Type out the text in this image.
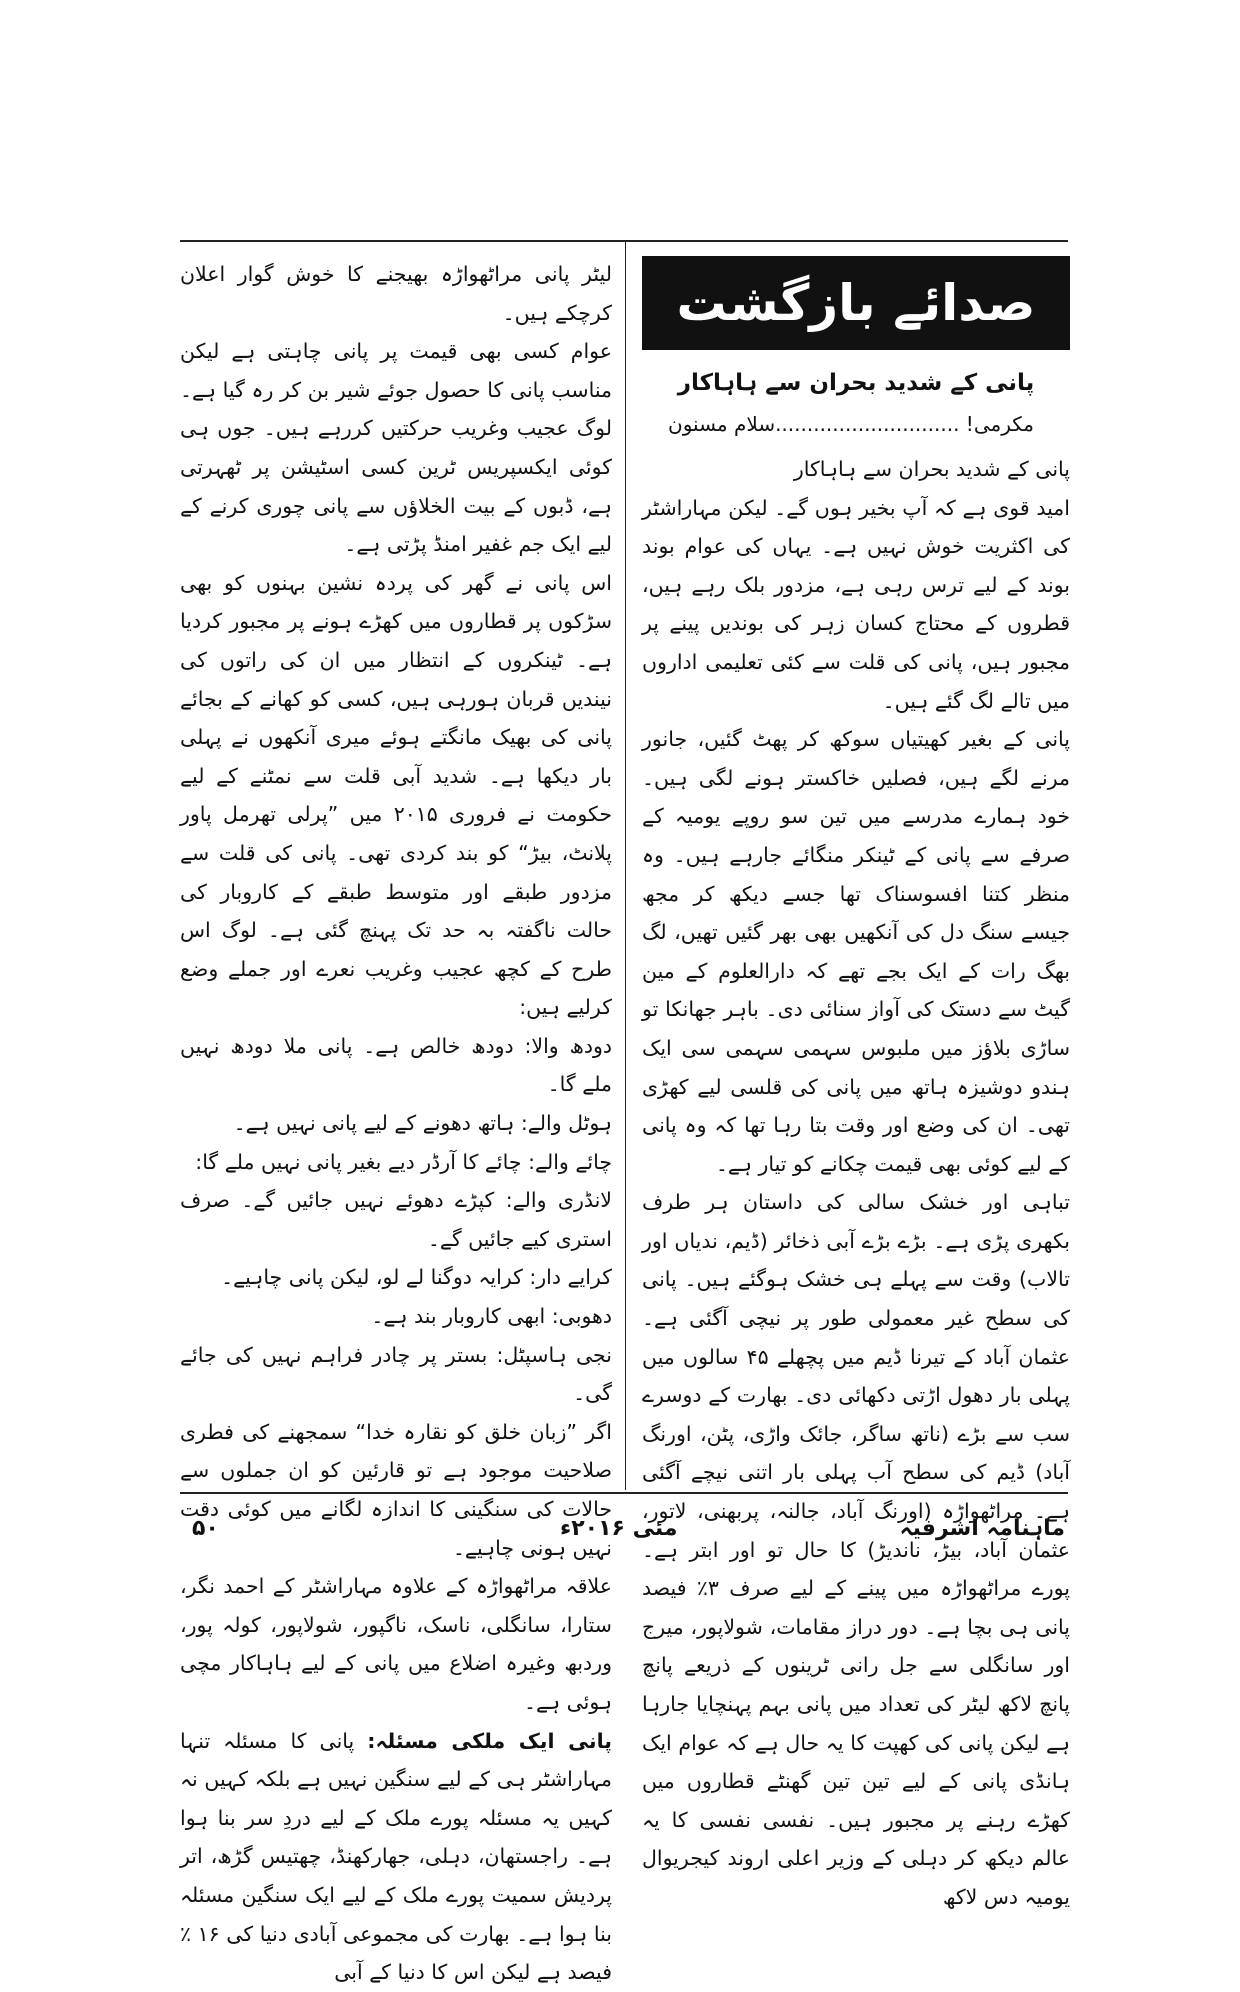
صدائے بازگشت
پانی کے شدید بحران سے ہاہاکار
مکرمی! .............................سلام مسنون

پانی کے شدید بحران سے ہاہاکار

امید قوی ہے کہ آپ بخیر ہوں گے۔ لیکن مہاراشٹر کی اکثریت خوش نہیں ہے۔ یہاں کی عوام بوند بوند کے لیے ترس رہی ہے، مزدور بلک رہے ہیں، قطروں کے محتاج کسان زہر کی بوندیں پینے پر مجبور ہیں، پانی کی قلت سے کئی تعلیمی اداروں میں تالے لگ گئے ہیں۔

پانی کے بغیر کھیتیاں سوکھ کر پھٹ گئیں، جانور مرنے لگے ہیں، فصلیں خاکستر ہونے لگی ہیں۔ خود ہمارے مدرسے میں تین سو روپے یومیہ کے صرفے سے پانی کے ٹینکر منگائے جارہے ہیں۔ وہ منظر کتنا افسوسناک تھا جسے دیکھ کر مجھ جیسے سنگ دل کی آنکھیں بھی بھر گئیں تھیں، لگ بھگ رات کے ایک بجے تھے کہ دارالعلوم کے مین گیٹ سے دستک کی آواز سنائی دی۔ باہر جھانکا تو ساڑی بلاؤز میں ملبوس سہمی سہمی سی ایک ہندو دوشیزہ ہاتھ میں پانی کی قلسی لیے کھڑی تھی۔ ان کی وضع اور وقت بتا رہا تھا کہ وہ پانی کے لیے کوئی بھی قیمت چکانے کو تیار ہے۔

تباہی اور خشک سالی کی داستان ہر طرف بکھری پڑی ہے۔ بڑے بڑے آبی ذخائر (ڈیم، ندیاں اور تالاب) وقت سے پہلے ہی خشک ہوگئے ہیں۔ پانی کی سطح غیر معمولی طور پر نیچی آگئی ہے۔ عثمان آباد کے تیرنا ڈیم میں پچھلے ۴۵ سالوں میں پہلی بار دھول اڑتی دکھائی دی۔ بھارت کے دوسرے سب سے بڑے (ناتھ ساگر، جائک واڑی، پٹن، اورنگ آباد) ڈیم کی سطح آب پہلی بار اتنی نیچے آگئی ہے۔ مراٹھواڑہ (اورنگ آباد، جالنہ، پربھنی، لاتور، عثمان آباد، بیڑ، ناندیڑ) کا حال تو اور ابتر ہے۔ پورے مراٹھواڑہ میں پینے کے لیے صرف ۳٪ فیصد پانی ہی بچا ہے۔ دور دراز مقامات، شولاپور، میرج اور سانگلی سے جل رانی ٹرینوں کے ذریعے پانچ پانچ لاکھ لیٹر کی تعداد میں پانی بہم پہنچایا جارہا ہے لیکن پانی کی کھپت کا یہ حال ہے کہ عوام ایک ہانڈی پانی کے لیے تین تین گھنٹے قطاروں میں کھڑے رہنے پر مجبور ہیں۔ نفسی نفسی کا یہ عالم دیکھ کر دہلی کے وزیر اعلی اروند کیجریوال یومیہ دس لاکھ

لیٹر پانی مراٹھواڑہ بھیجنے کا خوش گوار اعلان کرچکے ہیں۔

عوام کسی بھی قیمت پر پانی چاہتی ہے لیکن مناسب پانی کا حصول جوئے شیر بن کر رہ گیا ہے۔ لوگ عجیب وغریب حرکتیں کررہے ہیں۔ جوں ہی کوئی ایکسپریس ٹرین کسی اسٹیشن پر ٹھہرتی ہے، ڈبوں کے بیت الخلاؤں سے پانی چوری کرنے کے لیے ایک جم غفیر امنڈ پڑتی ہے۔

اس پانی نے گھر کی پردہ نشین بہنوں کو بھی سڑکوں پر قطاروں میں کھڑے ہونے پر مجبور کردیا ہے۔ ٹینکروں کے انتظار میں ان کی راتوں کی نیندیں قربان ہورہی ہیں، کسی کو کھانے کے بجائے پانی کی بھیک مانگتے ہوئے میری آنکھوں نے پہلی بار دیکھا ہے۔ شدید آبی قلت سے نمٹنے کے لیے حکومت نے فروری ۲۰۱۵ میں ”پرلی تھرمل پاور پلانٹ، بیڑ“ کو بند کردی تھی۔ پانی کی قلت سے مزدور طبقے اور متوسط طبقے کے کاروبار کی حالت ناگفتہ بہ حد تک پہنچ گئی ہے۔ لوگ اس طرح کے کچھ عجیب وغریب نعرے اور جملے وضع کرلیے ہیں:

دودھ والا: دودھ خالص ہے۔ پانی ملا دودھ نہیں ملے گا۔

ہوٹل والے: ہاتھ دھونے کے لیے پانی نہیں ہے۔

چائے والے: چائے کا آرڈر دیے بغیر پانی نہیں ملے گا:

لانڈری والے: کپڑے دھوئے نہیں جائیں گے۔ صرف استری کیے جائیں گے۔

کرایے دار: کرایہ دوگنا لے لو، لیکن پانی چاہیے۔

دھوبی: ابھی کاروبار بند ہے۔

نجی ہاسپٹل: بستر پر چادر فراہم نہیں کی جائے گی۔

اگر ”زبان خلق کو نقارہ خدا“ سمجھنے کی فطری صلاحیت موجود ہے تو قارئین کو ان جملوں سے حالات کی سنگینی کا اندازہ لگانے میں کوئی دقت نہیں ہونی چاہیے۔

علاقہ مراٹھواڑہ کے علاوہ مہاراشٹر کے احمد نگر، ستارا، سانگلی، ناسک، ناگپور، شولاپور، کولہ پور، وردبھ وغیرہ اضلاع میں پانی کے لیے ہاہاکار مچی ہوئی ہے۔

پانی ایک ملکی مسئلہ: پانی کا مسئلہ تنہا مہاراشٹر ہی کے لیے سنگین نہیں ہے بلکہ کہیں نہ کہیں یہ مسئلہ پورے ملک کے لیے دردِ سر بنا ہوا ہے۔ راجستھان، دہلی، جھارکھنڈ، چھتیس گڑھ، اتر پردیش سمیت پورے ملک کے لیے ایک سنگین مسئلہ بنا ہوا ہے۔ بھارت کی مجموعی آبادی دنیا کی ۱۶ ٪ فیصد ہے لیکن اس کا دنیا کے آبی

ماہنامہ اشرفیہ
مئی ۲۰۱۶ء
۵۰
